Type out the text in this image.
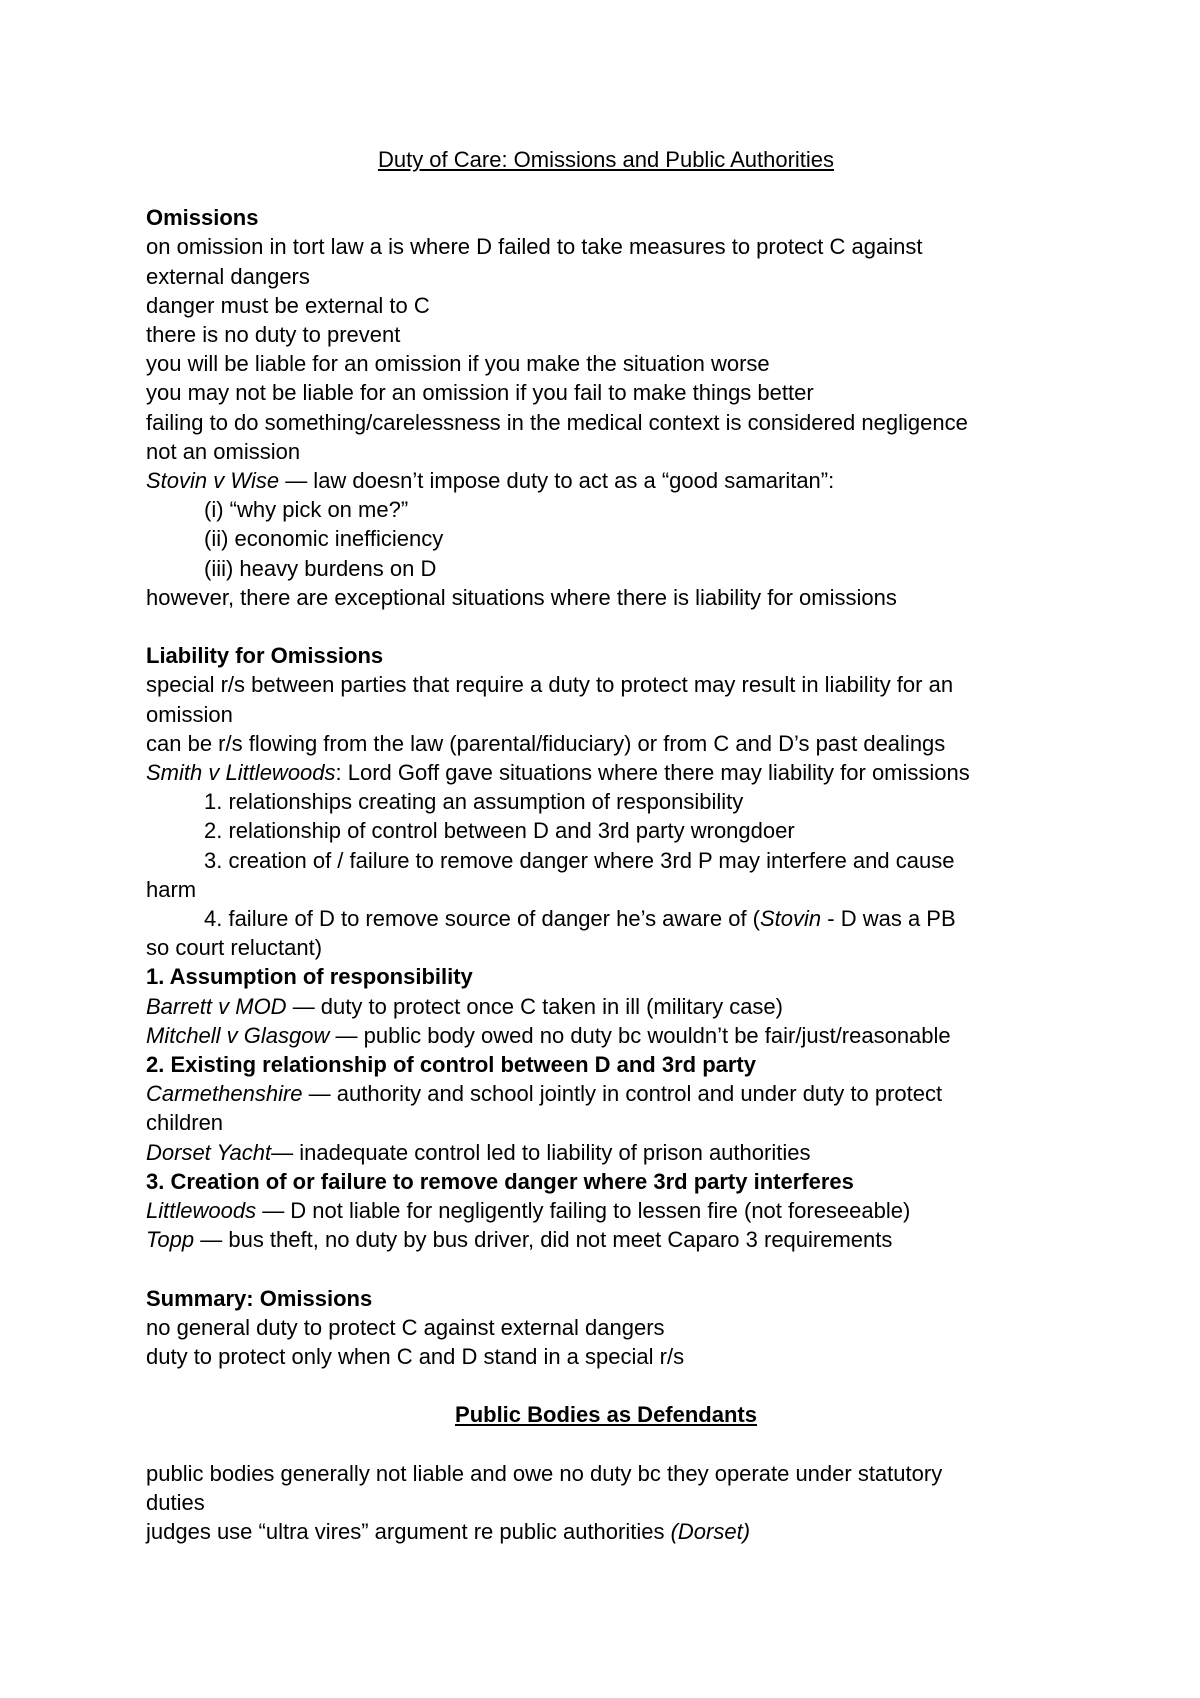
Duty of Care: Omissions and Public Authorities
Omissions
on omission in tort law a is where D failed to take measures to protect C against
external dangers
danger must be external to C
there is no duty to prevent
you will be liable for an omission if you make the situation worse
you may not be liable for an omission if you fail to make things better
failing to do something/carelessness in the medical context is considered negligence
not an omission
Stovin v Wise — law doesn’t impose duty to act as a “good samaritan”:
(i) “why pick on me?”
(ii) economic inefficiency
(iii) heavy burdens on D
however, there are exceptional situations where there is liability for omissions
Liability for Omissions
special r/s between parties that require a duty to protect may result in liability for an
omission
can be r/s flowing from the law (parental/fiduciary) or from C and D’s past dealings
Smith v Littlewoods: Lord Goff gave situations where there may liability for omissions
1. relationships creating an assumption of responsibility
2. relationship of control between D and 3rd party wrongdoer
3. creation of / failure to remove danger where 3rd P may interfere and cause
harm
4. failure of D to remove source of danger he’s aware of (Stovin - D was a PB
so court reluctant)
1. Assumption of responsibility
Barrett v MOD — duty to protect once C taken in ill (military case)
Mitchell v Glasgow — public body owed no duty bc wouldn’t be fair/just/reasonable
2. Existing relationship of control between D and 3rd party
Carmethenshire — authority and school jointly in control and under duty to protect
children
Dorset Yacht— inadequate control led to liability of prison authorities
3. Creation of or failure to remove danger where 3rd party interferes
Littlewoods — D not liable for negligently failing to lessen fire (not foreseeable)
Topp — bus theft, no duty by bus driver, did not meet Caparo 3 requirements
Summary: Omissions
no general duty to protect C against external dangers
duty to protect only when C and D stand in a special r/s
Public Bodies as Defendants
public bodies generally not liable and owe no duty bc they operate under statutory
duties
judges use “ultra vires” argument re public authorities (Dorset)
